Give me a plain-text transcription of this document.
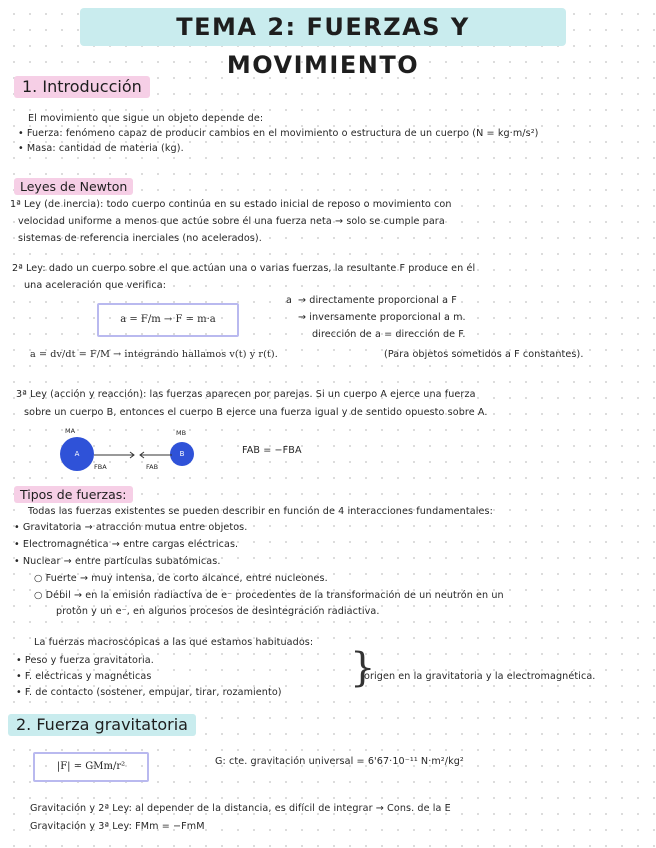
TEMA 2: FUERZAS Y MOVIMIENTO
1. Introducción
El movimiento que sigue un objeto depende de:
• Fuerza: fenómeno capaz de producir cambios en el movimiento o estructura de un cuerpo (N = kg·m/s²)
• Masa: cantidad de materia (kg).
Leyes de Newton
1ª Ley (de inercia): todo cuerpo continúa en su estado inicial de reposo o movimiento con
velocidad uniforme a menos que actúe sobre él una fuerza neta → solo se cumple para
sistemas de referencia inerciales (no acelerados).
2ª Ley: dado un cuerpo sobre el que actúan una o varias fuerzas, la resultante F produce en él
una aceleración que verifica:
a = F/m → F = m·a
a → directamente proporcional a F
→ inversamente proporcional a m.
dirección de a = dirección de F.
a = dv/dt = F/M → integrando hallamos v(t) y r(t).	(Para objetos sometidos a F constantes).
3ª Ley (acción y reacción): las fuerzas aparecen por parejas. Si un cuerpo A ejerce una fuerza
sobre un cuerpo B, entonces el cuerpo B ejerce una fuerza igual y de sentido opuesto sobre A.
MA
A
MB
B
FBA	FAB
FAB = −FBA
Tipos de fuerzas:
Todas las fuerzas existentes se pueden describir en función de 4 interacciones fundamentales:
• Gravitatoria → atracción mutua entre objetos.
• Electromagnética → entre cargas eléctricas.
• Nuclear → entre partículas subatómicas.
○ Fuerte → muy intensa, de corto alcance, entre nucleones.
○ Débil → en la emisión radiactiva de e⁻ procedentes de la transformación de un neutrón en un
protón y un e⁻, en algunos procesos de desintegración radiactiva.
La fuerzas macroscópicas a las que estamos habituados:
• Peso y fuerza gravitatoria.
• F. eléctricas y magnéticas
• F. de contacto (sostener, empujar, tirar, rozamiento)
}
origen en la gravitatoria y la electromagnética.
2. Fuerza gravitatoria
|F| = GMm/r²	G: cte. gravitación universal = 6'67·10⁻¹¹ N·m²/kg²
Gravitación y 2ª Ley: al depender de la distancia, es difícil de integrar → Cons. de la E
Gravitación y 3ª Ley: FMm = −FmM
